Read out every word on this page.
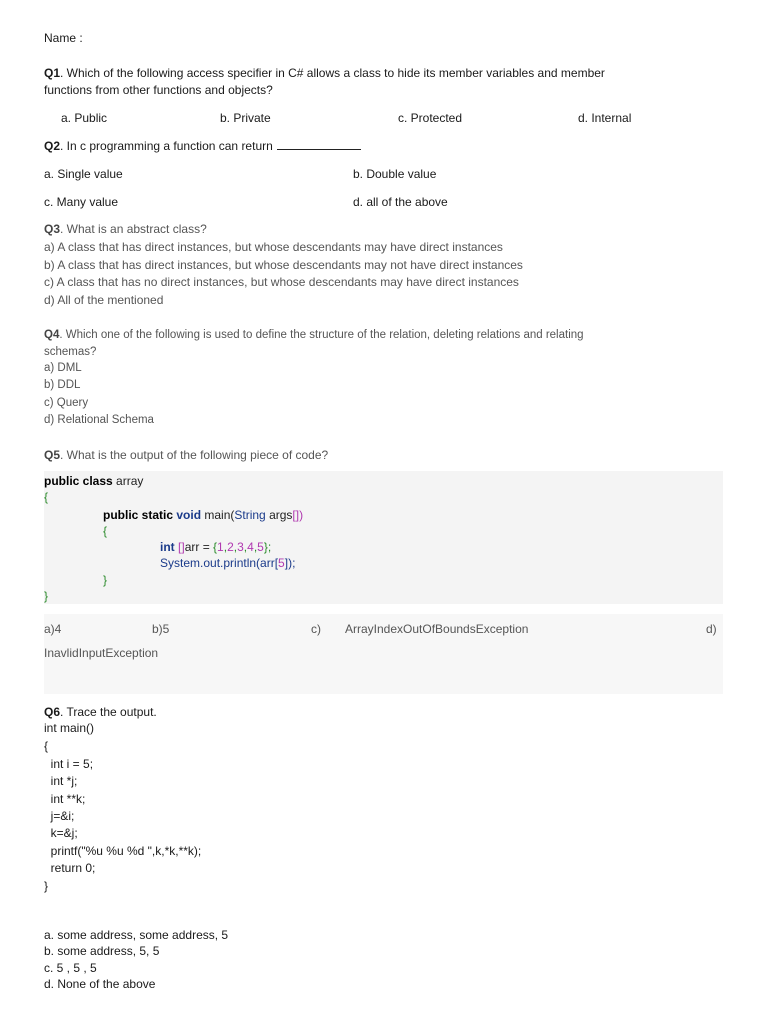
Name :
Q1. Which of the following access specifier in C# allows a class to hide its member variables and member
functions from other functions and objects?
a. Public	b. Private	c. Protected	d. Internal
Q2. In c programming a function can return
a. Single value	b. Double value
c. Many value	d. all of the above
Q3. What is an abstract class?
a) A class that has direct instances, but whose descendants may have direct instances
b) A class that has direct instances, but whose descendants may not have direct instances
c) A class that has no direct instances, but whose descendants may have direct instances
d) All of the mentioned
Q4. Which one of the following is used to define the structure of the relation, deleting relations and relating
schemas?
a) DML
b) DDL
c) Query
d) Relational Schema
Q5. What is the output of the following piece of code?
public class array
{
public static void main(String args[])
{
int []arr = {1,2,3,4,5};
System.out.println(arr[5]);
}
}
a)4	b)5	c) ArrayIndexOutOfBoundsException	d)
InavlidInputException
Q6. Trace the output.
int main()
{
int i = 5;
int *j;
int **k;
j=&i;
k=&j;
printf("%u %u %d ",k,*k,**k);
return 0;
}
a. some address, some address, 5
b. some address, 5, 5
c. 5 , 5 , 5
d. None of the above
